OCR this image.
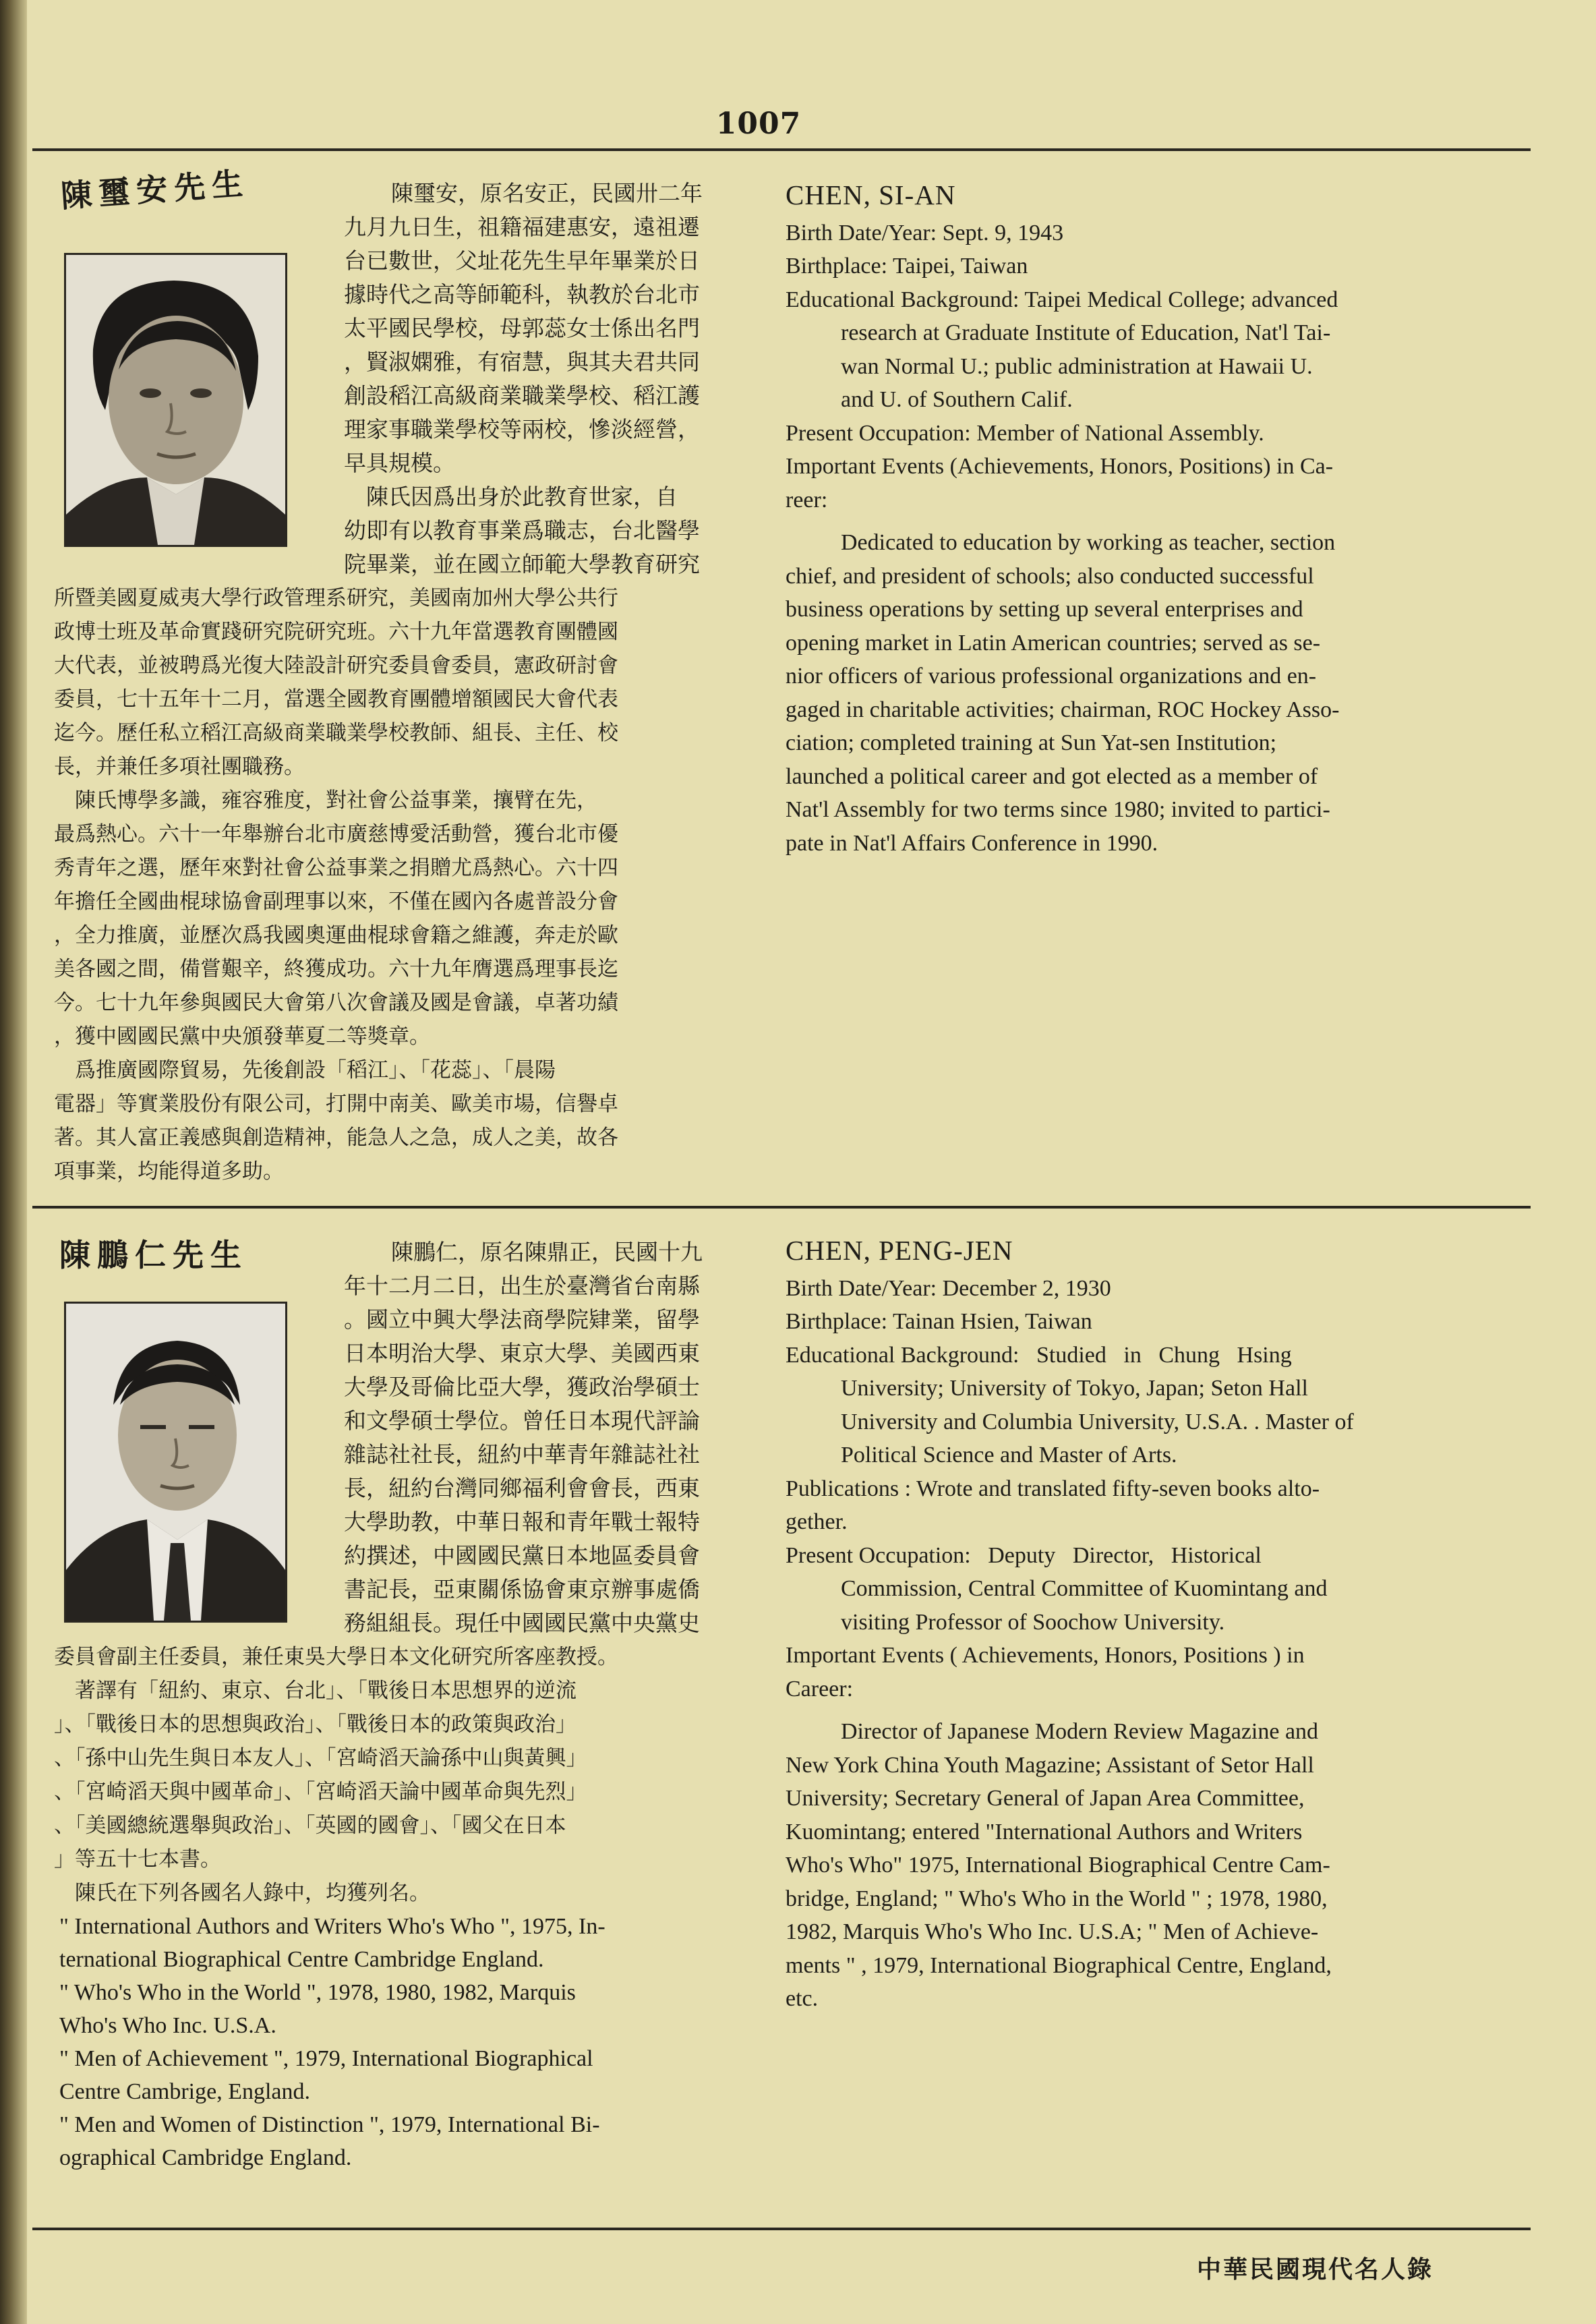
1007
陳璽安先生	陳璽安，原名安正，民國卅二年

九月九日生，祖籍福建惠安，遠祖遷

台已數世，父址花先生早年畢業於日

據時代之高等師範科，執教於台北市

太平國民學校，母郭蕊女士係出名門

，賢淑嫻雅，有宿慧，與其夫君共同

創設稻江高級商業職業學校、稻江護

理家事職業學校等兩校，慘淡經營，

早具規模。

　陳氏因爲出身於此教育世家，自

幼即有以教育事業爲職志，台北醫學

院畢業，並在國立師範大學教育研究

所暨美國夏威夷大學行政管理系研究，美國南加州大學公共行

政博士班及革命實踐研究院研究班。六十九年當選教育團體國

大代表，並被聘爲光復大陸設計研究委員會委員，憲政研討會

委員，七十五年十二月，當選全國教育團體增額國民大會代表

迄今。歷任私立稻江高級商業職業學校教師、組長、主任、校

長，并兼任多項社團職務。

　陳氏博學多識，雍容雅度，對社會公益事業，攘臂在先，

最爲熱心。六十一年舉辦台北市廣慈博愛活動營，獲台北市優

秀青年之選，歷年來對社會公益事業之捐贈尤爲熱心。六十四

年擔任全國曲棍球協會副理事以來，不僅在國內各處普設分會

，全力推廣，並歷次爲我國奧運曲棍球會籍之維護，奔走於歐

美各國之間，備嘗艱辛，終獲成功。六十九年膺選爲理事長迄

今。七十九年參與國民大會第八次會議及國是會議，卓著功績

，獲中國國民黨中央頒發華夏二等獎章。

　爲推廣國際貿易，先後創設「稻江」、「花蕊」、「晨陽

電器」等實業股份有限公司，打開中南美、歐美市場，信譽卓

著。其人富正義感與創造精神，能急人之急，成人之美，故各

項事業，均能得道多助。

CHEN, SI-AN

Birth Date/Year: Sept. 9, 1943

Birthplace: Taipei, Taiwan

Educational Background: Taipei Medical College; advanced

research at Graduate Institute of Education, Nat'l Tai-

wan Normal U.; public administration at Hawaii U.

and U. of Southern Calif.

Present Occupation: Member of National Assembly.

Important Events (Achievements, Honors, Positions) in Ca-

reer:

Dedicated to education by working as teacher, section

chief, and president of schools; also conducted successful

business operations by setting up several enterprises and

opening market in Latin American countries; served as se-

nior officers of various professional organizations and en-

gaged in charitable activities; chairman, ROC Hockey Asso-

ciation; completed training at Sun Yat-sen Institution;

launched a political career and got elected as a member of

Nat'l Assembly for two terms since 1980; invited to partici-

pate in Nat'l Affairs Conference in 1990.

陳鵬仁先生	陳鵬仁，原名陳鼎正，民國十九

年十二月二日，出生於臺灣省台南縣

。國立中興大學法商學院肄業，留學

日本明治大學、東京大學、美國西東

大學及哥倫比亞大學，獲政治學碩士

和文學碩士學位。曾任日本現代評論

雜誌社社長，紐約中華青年雜誌社社

長，紐約台灣同鄉福利會會長，西東

大學助教，中華日報和青年戰士報特

約撰述，中國國民黨日本地區委員會

書記長，亞東關係協會東京辦事處僑

務組組長。現任中國國民黨中央黨史

委員會副主任委員，兼任東吳大學日本文化研究所客座教授。

　著譯有「紐約、東京、台北」、「戰後日本思想界的逆流

」、「戰後日本的思想與政治」、「戰後日本的政策與政治」

、「孫中山先生與日本友人」、「宮崎滔天論孫中山與黃興」

、「宮崎滔天與中國革命」、「宮崎滔天論中國革命與先烈」

、「美國總統選舉與政治」、「英國的國會」、「國父在日本

」等五十七本書。

　陳氏在下列各國名人錄中，均獲列名。

" International Authors and Writers Who's Who ", 1975, In-

ternational Biographical Centre Cambridge England.

" Who's Who in the World ", 1978, 1980, 1982, Marquis

Who's Who Inc. U.S.A.

" Men of Achievement ", 1979, International Biographical

Centre Cambrige, England.

" Men and Women of Distinction ", 1979, International Bi-

ographical Cambridge England.

CHEN, PENG-JEN

Birth Date/Year: December 2, 1930

Birthplace: Tainan Hsien, Taiwan

Educational Background:   Studied   in   Chung   Hsing

University; University of Tokyo, Japan; Seton Hall

University and Columbia University, U.S.A. . Master of

Political Science and Master of Arts.

Publications : Wrote and translated fifty-seven books alto-

gether.

Present Occupation:   Deputy   Director,   Historical

Commission, Central Committee of Kuomintang and

visiting Professor of Soochow University.

Important Events ( Achievements, Honors, Positions ) in

Career:

Director of Japanese Modern Review Magazine and

New York China Youth Magazine; Assistant of Setor Hall

University; Secretary General of Japan Area Committee,

Kuomintang; entered "International Authors and Writers

Who's Who" 1975, International Biographical Centre Cam-

bridge, England; " Who's Who in the World " ; 1978, 1980,

1982, Marquis Who's Who Inc. U.S.A; " Men of Achieve-

ments " , 1979, International Biographical Centre, England,

etc.

中華民國現代名人錄
